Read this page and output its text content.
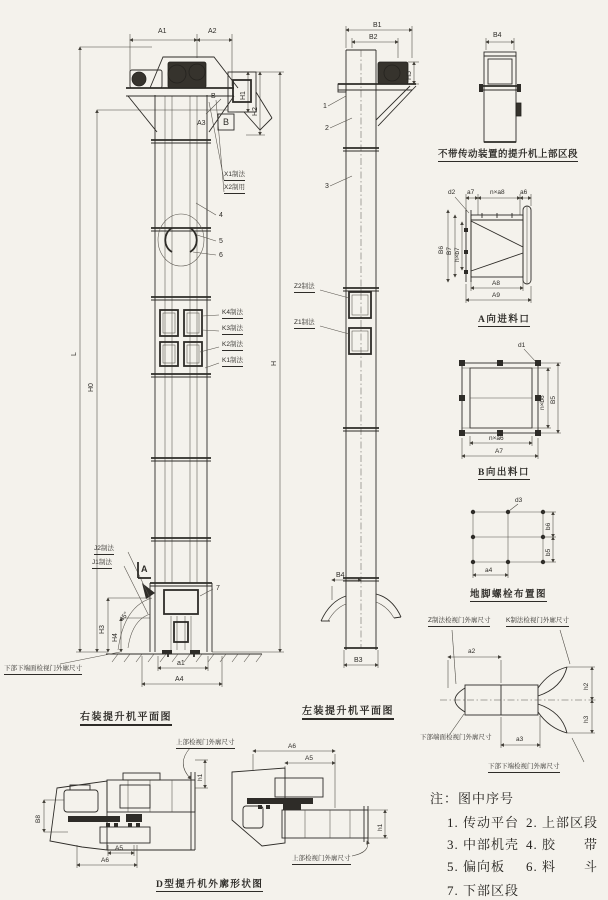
A1	A2
H1
H2
H
L
H0
H3
H4
a1
A4
A3
B
B
X1制法
X2制用
4
5
6
K4制法
K3制法
K2制法
K1制法
J2制法
J1制法
A
7
45°
下部下端面检视门外廓尺寸
右装提升机平面图
B1
B2
H5
1
2
3
Z2制法
Z1制法
B4
B3
左装提升机平面图
B4
不带传动装置的提升机上部区段
d2 a7 n×a8 a6
B6 B7 h×b7
A8
A9
A向进料口
d1
n×b6 B5
n×a6
A7
B向出料口
d3
b6
b5
a4
地脚螺栓布置图
Z制法检视门外廓尺寸 K制法检视门外廓尺寸
a2
h2
h3
下部端面检视门外廓尺寸	a3
下部下端检视门外廓尺寸
上部检视门外廓尺寸
h1
A5
A6
B8
A6
A5
h1
上部检视门外廓尺寸
D型提升机外廓形状图
注：图中序号
1. 传动平台 2. 上部区段
3. 中部机壳 4. 胶　　带
5. 偏向板 6. 料　　斗
7. 下部区段
